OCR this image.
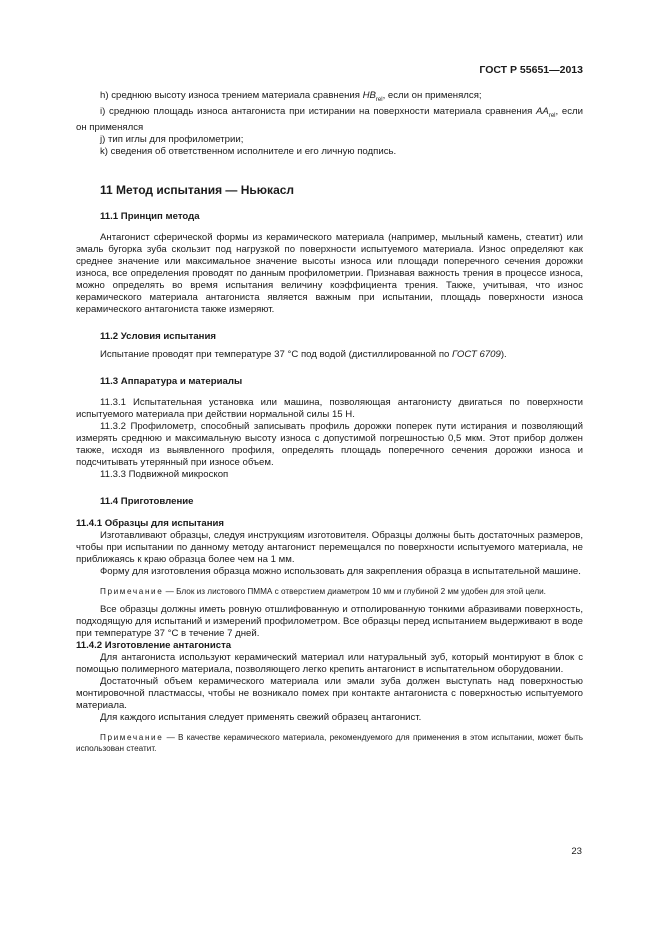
ГОСТ Р 55651—2013

h) среднюю высоту износа трением материала сравнения $HB_{rel}$, если он применялся;

i) среднюю площадь износа антагониста при истирании на поверхности материала сравнения $AA_{rel}$, если он применялся

j) тип иглы для профилометрии;

k) сведения об ответственном исполнителе и его личную подпись.

11 Метод испытания — Ньюкасл

11.1 Принцип метода

Антагонист сферической формы из керамического материала (например, мыльный камень, стеатит) или эмаль бугорка зуба скользит под нагрузкой по поверхности испытуемого материала. Износ определяют как среднее значение или максимальное значение высоты износа или площади поперечного сечения дорожки износа, все определения проводят по данным профилометрии. Признавая важность трения в процессе износа, можно определять во время испытания величину коэффициента трения. Также, учитывая, что износ керамического материала антагониста является важным при испытании, площадь поверхности износа керамического антагониста также измеряют.

11.2 Условия испытания

Испытание проводят при температуре 37 °С под водой (дистиллированной по ГОСТ 6709).

11.3 Аппаратура и материалы

11.3.1 Испытательная установка или машина, позволяющая антагонисту двигаться по поверхности испытуемого материала при действии нормальной силы 15 Н.

11.3.2 Профилометр, способный записывать профиль дорожки поперек пути истирания и позволяющий измерять среднюю и максимальную высоту износа с допустимой погрешностью 0,5 мкм. Этот прибор должен также, исходя из выявленного профиля, определять площадь поперечного сечения дорожки износа и подсчитывать утерянный при износе объем.

11.3.3 Подвижной микроскоп

11.4 Приготовление

11.4.1 Образцы для испытания

Изготавливают образцы, следуя инструкциям изготовителя. Образцы должны быть достаточных размеров, чтобы при испытании по данному методу антагонист перемещался по поверхности испытуемого материала, не приближаясь к краю образца более чем на 1 мм.

Форму для изготовления образца можно использовать для закрепления образца в испытательной машине.

Примечание — Блок из листового ПММА с отверстием диаметром 10 мм и глубиной 2 мм удобен для этой цели.

Все образцы должны иметь ровную отшлифованную и отполированную тонкими абразивами поверхность, подходящую для испытаний и измерений профилометром. Все образцы перед испытанием выдерживают в воде при температуре 37 °С в течение 7 дней.

11.4.2 Изготовление антагониста

Для антагониста используют керамический материал или натуральный зуб, который монтируют в блок с помощью полимерного материала, позволяющего легко крепить антагонист в испытательном оборудовании.

Достаточный объем керамического материала или эмали зуба должен выступать над поверхностью монтировочной пластмассы, чтобы не возникало помех при контакте антагониста с поверхностью испытуемого материала.

Для каждого испытания следует применять свежий образец антагонист.

Примечание — В качестве керамического материала, рекомендуемого для применения в этом испытании, может быть использован стеатит.

23
